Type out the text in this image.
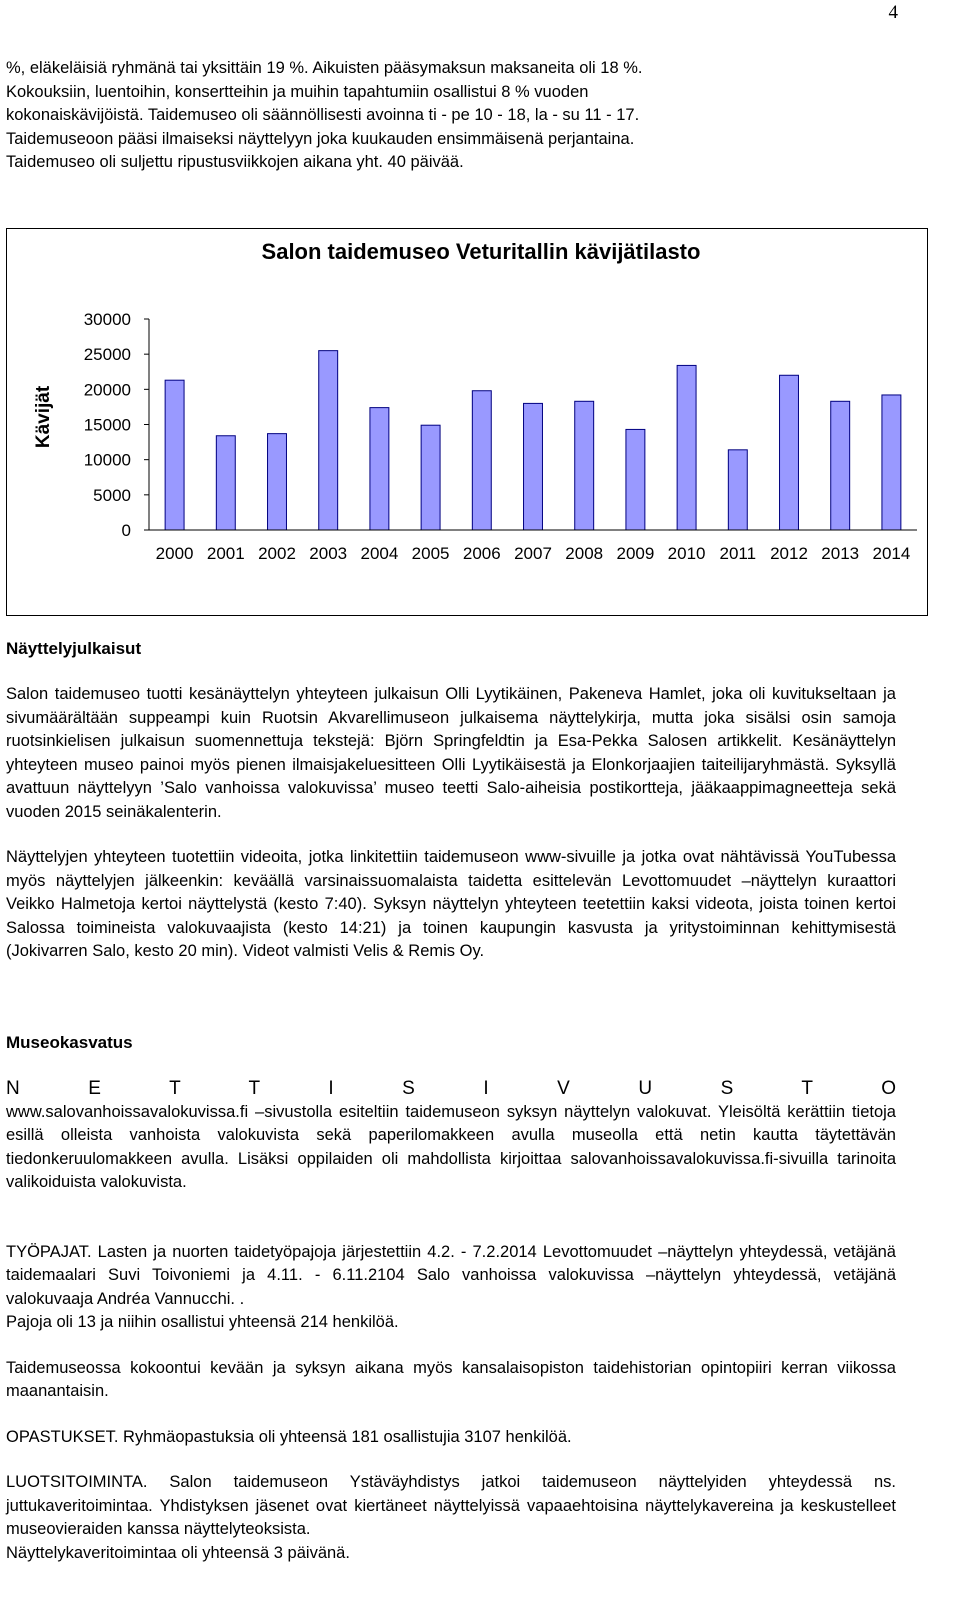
4

%, eläkeläisiä ryhmänä tai yksittäin 19 %. Aikuisten pääsymaksun maksaneita oli 18 %.

Kokouksiin, luentoihin, konsertteihin ja muihin tapahtumiin osallistui 8 % vuoden

kokonaiskävijöistä. Taidemuseo oli säännöllisesti avoinna ti - pe 10 - 18, la - su 11 - 17.

Taidemuseoon pääsi ilmaiseksi näyttelyyn joka kuukauden ensimmäisenä perjantaina.

Taidemuseo oli suljettu ripustusviikkojen aikana yht. 40 päivää.

Salon taidemuseo Veturitallin kävijätilasto
Kävijät
0
5000
10000
15000
20000
25000
30000
2000 2001 2002 2003 2004 2005 2006 2007 2008 2009 2010 2011 2012 2013 2014
Näyttelyjulkaisut

Salon taidemuseo tuotti kesänäyttelyn yhteyteen julkaisun Olli Lyytikäinen, Pakeneva Hamlet, joka oli kuvitukseltaan ja sivumäärältään suppeampi kuin Ruotsin Akvarellimuseon julkaisema näyttelykirja, mutta joka sisälsi osin samoja ruotsinkielisen julkaisun suomennettuja tekstejä: Björn Springfeldtin ja Esa-Pekka Salosen artikkelit. Kesänäyttelyn yhteyteen museo painoi myös pienen ilmaisjakeluesitteen Olli Lyytikäisestä ja Elonkorjaajien taiteilijaryhmästä. Syksyllä avattuun näyttelyyn ’Salo vanhoissa valokuvissa’ museo teetti Salo-aiheisia postikortteja, jääkaappimagneetteja sekä vuoden 2015 seinäkalenterin.

Näyttelyjen yhteyteen tuotettiin videoita, jotka linkitettiin taidemuseon www-sivuille ja jotka ovat nähtävissä YouTubessa myös näyttelyjen jälkeenkin: keväällä varsinaissuomalaista taidetta esittelevän Levottomuudet –näyttelyn kuraattori Veikko Halmetoja kertoi näyttelystä (kesto 7:40). Syksyn näyttelyn yhteyteen teetettiin kaksi videota, joista toinen kertoi Salossa toimineista valokuvaajista (kesto 14:21) ja toinen kaupungin kasvusta ja yritystoiminnan kehittymisestä (Jokivarren Salo, kesto 20 min). Videot valmisti Velis & Remis Oy.

Museokasvatus

N E T T I S I V U S T O

www.salovanhoissavalokuvissa.fi –sivustolla esiteltiin taidemuseon syksyn näyttelyn valokuvat. Yleisöltä kerättiin tietoja esillä olleista vanhoista valokuvista sekä paperilomakkeen avulla museolla että netin kautta täytettävän tiedonkeruulomakkeen avulla. Lisäksi oppilaiden oli mahdollista kirjoittaa salovanhoissavalokuvissa.fi-sivuilla tarinoita valikoiduista valokuvista.

TYÖPAJAT. Lasten ja nuorten taidetyöpajoja järjestettiin 4.2. - 7.2.2014 Levottomuudet –näyttelyn yhteydessä, vetäjänä taidemaalari Suvi Toivoniemi ja 4.11. - 6.11.2104 Salo vanhoissa valokuvissa –näyttelyn yhteydessä, vetäjänä valokuvaaja Andréa Vannucchi. .

Pajoja oli 13 ja niihin osallistui yhteensä 214 henkilöä.

Taidemuseossa kokoontui kevään ja syksyn aikana myös kansalaisopiston taidehistorian opintopiiri kerran viikossa maanantaisin.

OPASTUKSET. Ryhmäopastuksia oli yhteensä 181 osallistujia 3107 henkilöä.

LUOTSITOIMINTA. Salon taidemuseon Ystäväyhdistys jatkoi taidemuseon näyttelyiden yhteydessä ns. juttukaveritoimintaa. Yhdistyksen jäsenet ovat kiertäneet näyttelyissä vapaaehtoisina näyttelykavereina ja keskustelleet museovieraiden kanssa näyttelyteoksista.

Näyttelykaveritoimintaa oli yhteensä 3 päivänä.
